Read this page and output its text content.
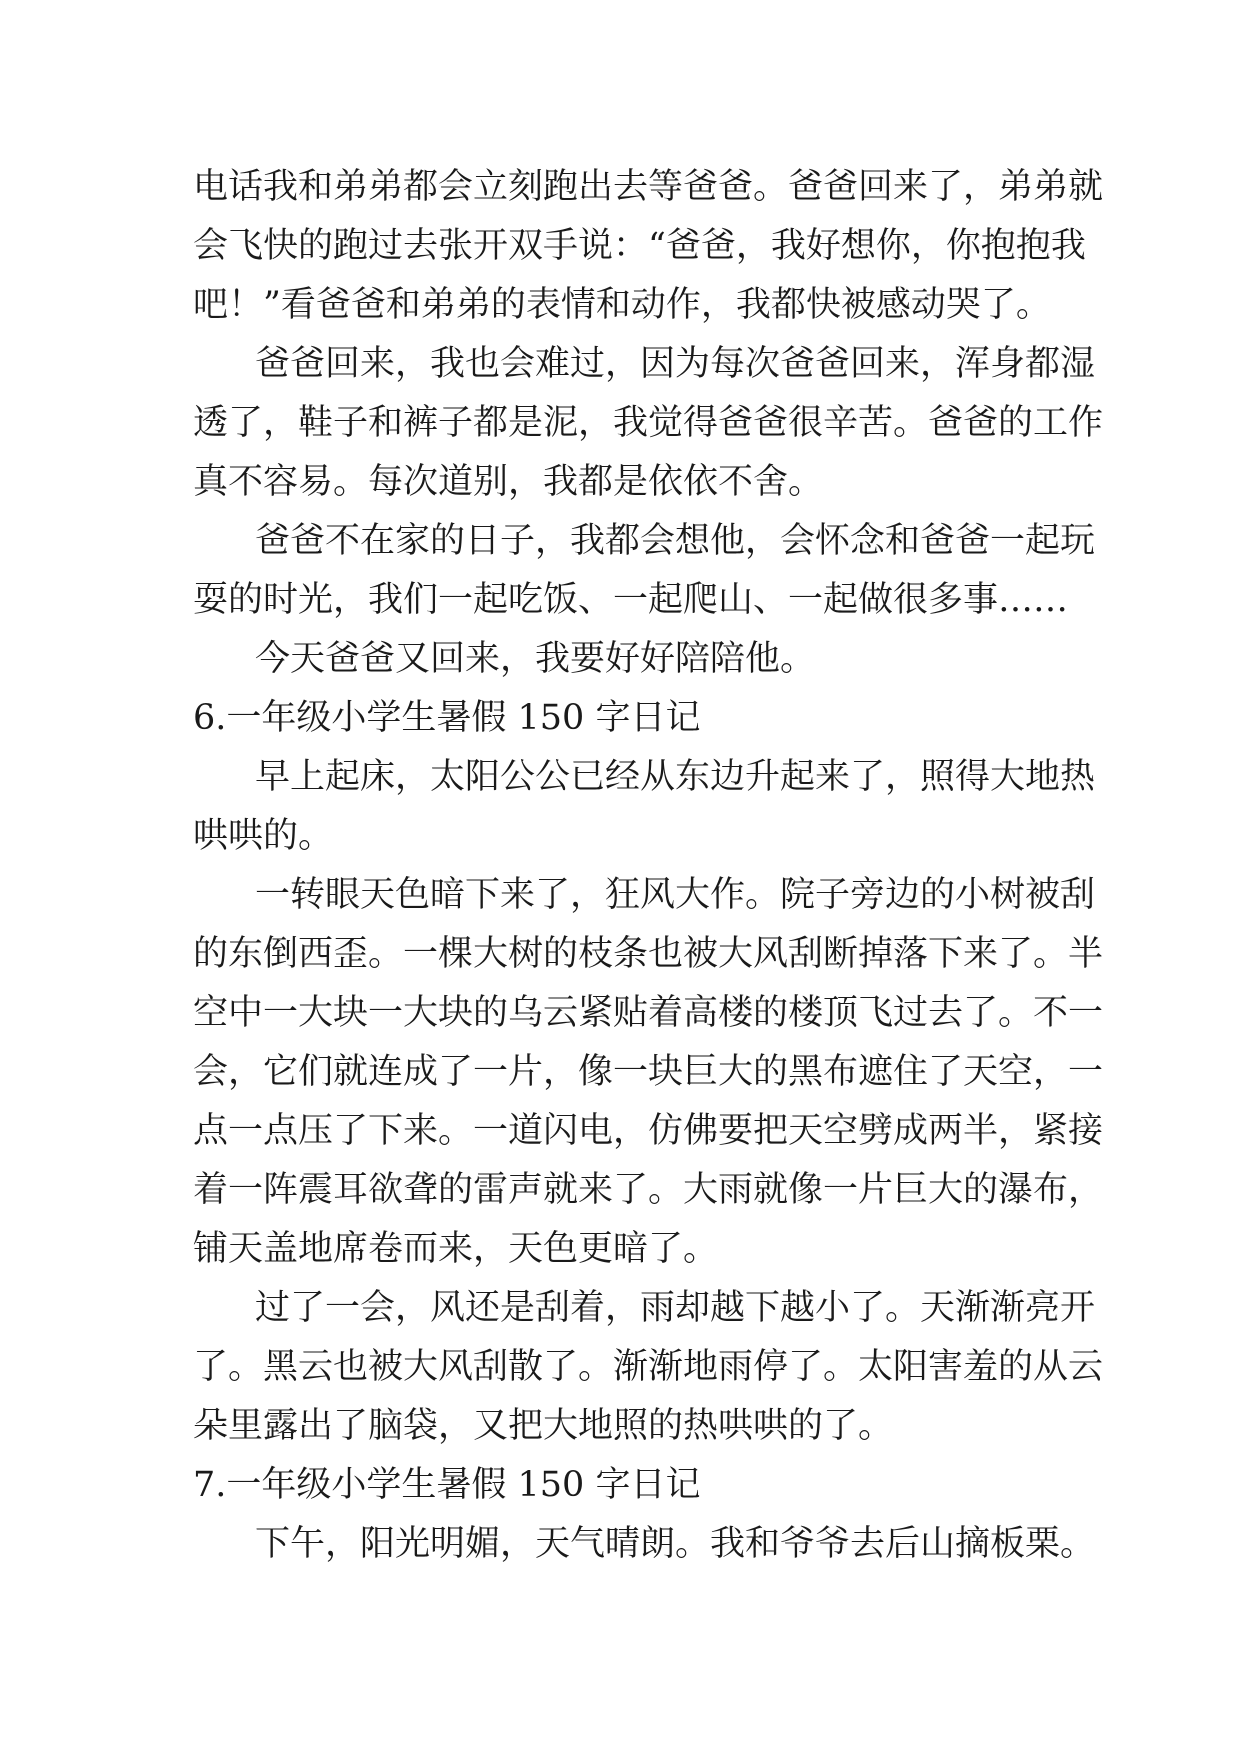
电话我和弟弟都会立刻跑出去等爸爸。爸爸回来了，弟弟就
会飞快的跑过去张开双手说：“爸爸，我好想你，你抱抱我
吧！”看爸爸和弟弟的表情和动作，我都快被感动哭了。
爸爸回来，我也会难过，因为每次爸爸回来，浑身都湿
透了，鞋子和裤子都是泥，我觉得爸爸很辛苦。爸爸的工作
真不容易。每次道别，我都是依依不舍。
爸爸不在家的日子，我都会想他，会怀念和爸爸一起玩
耍的时光，我们一起吃饭、一起爬山、一起做很多事……
今天爸爸又回来，我要好好陪陪他。
6.一年级小学生暑假 150 字日记
早上起床，太阳公公已经从东边升起来了，照得大地热
哄哄的。
一转眼天色暗下来了，狂风大作。院子旁边的小树被刮
的东倒西歪。一棵大树的枝条也被大风刮断掉落下来了。半
空中一大块一大块的乌云紧贴着高楼的楼顶飞过去了。不一
会，它们就连成了一片，像一块巨大的黑布遮住了天空，一
点一点压了下来。一道闪电，仿佛要把天空劈成两半，紧接
着一阵震耳欲聋的雷声就来了。大雨就像一片巨大的瀑布，
铺天盖地席卷而来，天色更暗了。
过了一会，风还是刮着，雨却越下越小了。天渐渐亮开
了。黑云也被大风刮散了。渐渐地雨停了。太阳害羞的从云
朵里露出了脑袋，又把大地照的热哄哄的了。
7.一年级小学生暑假 150 字日记
下午，阳光明媚，天气晴朗。我和爷爷去后山摘板栗。
